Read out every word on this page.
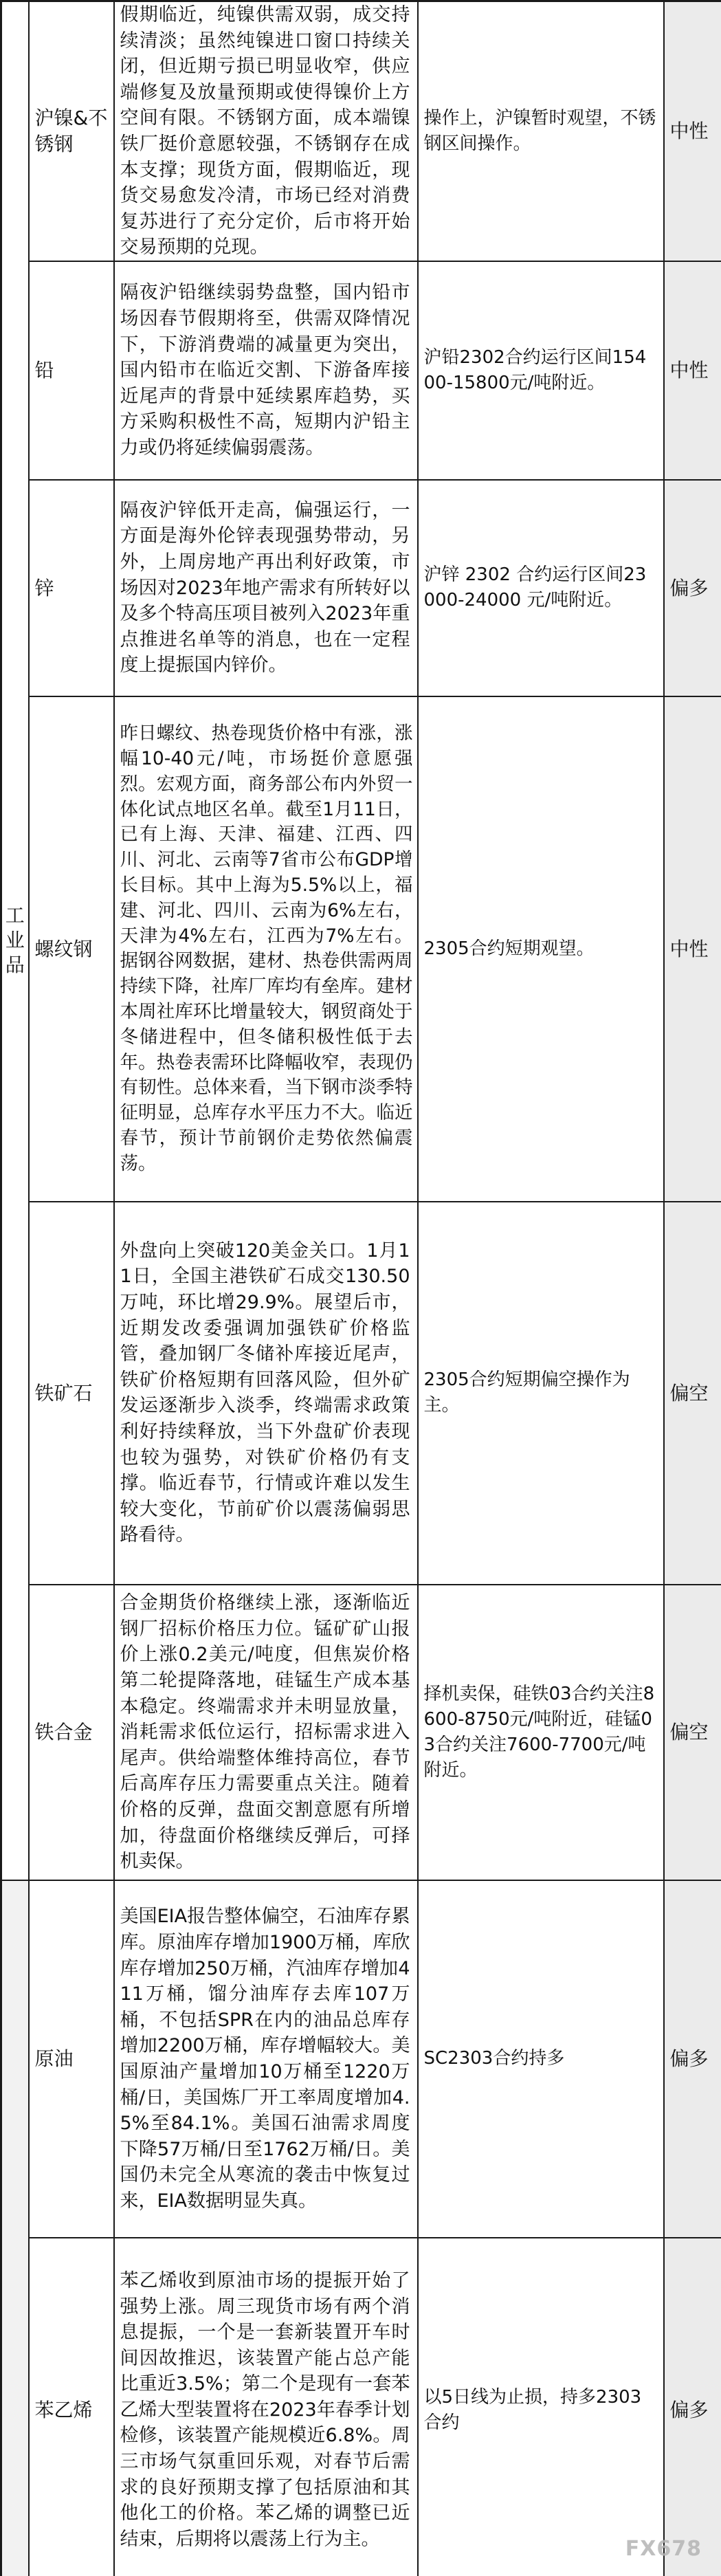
工业品	沪镍&不锈钢	假期临近，纯镍供需双弱，成交持续清淡；虽然纯镍进口窗口持续关闭，但近期亏损已明显收窄，供应端修复及放量预期或使得镍价上方空间有限。不锈钢方面，成本端镍铁厂挺价意愿较强，不锈钢存在成本支撑；现货方面，假期临近，现货交易愈发冷清，市场已经对消费复苏进行了充分定价，后市将开始交易预期的兑现。	操作上，沪镍暂时观望，不锈钢区间操作。	中性
	铅	隔夜沪铅继续弱势盘整，国内铅市场因春节假期将至，供需双降情况下，下游消费端的减量更为突出，国内铅市在临近交割、下游备库接近尾声的背景中延续累库趋势，买方采购积极性不高，短期内沪铅主力或仍将延续偏弱震荡。	沪铅2302合约运行区间15400-15800元/吨附近。	中性
	锌	隔夜沪锌低开走高，偏强运行，一方面是海外伦锌表现强势带动，另外，上周房地产再出利好政策，市场因对2023年地产需求有所转好以及多个特高压项目被列入2023年重点推进名单等的消息，也在一定程度上提振国内锌价。	沪锌 2302 合约运行区间23000-24000 元/吨附近。	偏多
	螺纹钢	昨日螺纹、热卷现货价格中有涨，涨幅10-40元/吨，市场挺价意愿强烈。宏观方面，商务部公布内外贸一体化试点地区名单。截至1月11日，已有上海、天津、福建、江西、四川、河北、云南等7省市公布GDP增长目标。其中上海为5.5%以上，福建、河北、四川、云南为6%左右，天津为4%左右，江西为7%左右。据钢谷网数据，建材、热卷供需两周持续下降，社库厂库均有垒库。建材本周社库环比增量较大，钢贸商处于冬储进程中，但冬储积极性低于去年。热卷表需环比降幅收窄，表现仍有韧性。总体来看，当下钢市淡季特征明显，总库存水平压力不大。临近春节，预计节前钢价走势依然偏震荡。	2305合约短期观望。	中性
	铁矿石	外盘向上突破120美金关口。1月11日，全国主港铁矿石成交130.50万吨，环比增29.9%。展望后市，近期发改委强调加强铁矿价格监管，叠加钢厂冬储补库接近尾声，铁矿价格短期有回落风险，但外矿发运逐渐步入淡季，终端需求政策利好持续释放，当下外盘矿价表现也较为强势，对铁矿价格仍有支撑。临近春节，行情或许难以发生较大变化，节前矿价以震荡偏弱思路看待。	2305合约短期偏空操作为主。	偏空
	铁合金	合金期货价格继续上涨，逐渐临近钢厂招标价格压力位。锰矿矿山报价上涨0.2美元/吨度，但焦炭价格第二轮提降落地，硅锰生产成本基本稳定。终端需求并未明显放量，消耗需求低位运行，招标需求进入尾声。供给端整体维持高位，春节后高库存压力需要重点关注。随着价格的反弹，盘面交割意愿有所增加，待盘面价格继续反弹后，可择机卖保。	择机卖保，硅铁03合约关注8600-8750元/吨附近，硅锰03合约关注7600-7700元/吨附近。	偏空
	原油	美国EIA报告整体偏空，石油库存累库。原油库存增加1900万桶，库欣库存增加250万桶，汽油库存增加411万桶，馏分油库存去库107万桶，不包括SPR在内的油品总库存增加2200万桶，库存增幅较大。美国原油产量增加10万桶至1220万桶/日，美国炼厂开工率周度增加4.5%至84.1%。美国石油需求周度下降57万桶/日至1762万桶/日。美国仍未完全从寒流的袭击中恢复过来，EIA数据明显失真。	SC2303合约持多	偏多
	苯乙烯	苯乙烯收到原油市场的提振开始了强势上涨。周三现货市场有两个消息提振，一个是一套新装置开车时间因故推迟，该装置产能占总产能比重近3.5%；第二个是现有一套苯乙烯大型装置将在2023年春季计划检修，该装置产能规模近6.8%。周三市场气氛重回乐观，对春节后需求的良好预期支撑了包括原油和其他化工的价格。苯乙烯的调整已近结束，后期将以震荡上行为主。	以5日线为止损，持多2303合约	偏多
FX678
